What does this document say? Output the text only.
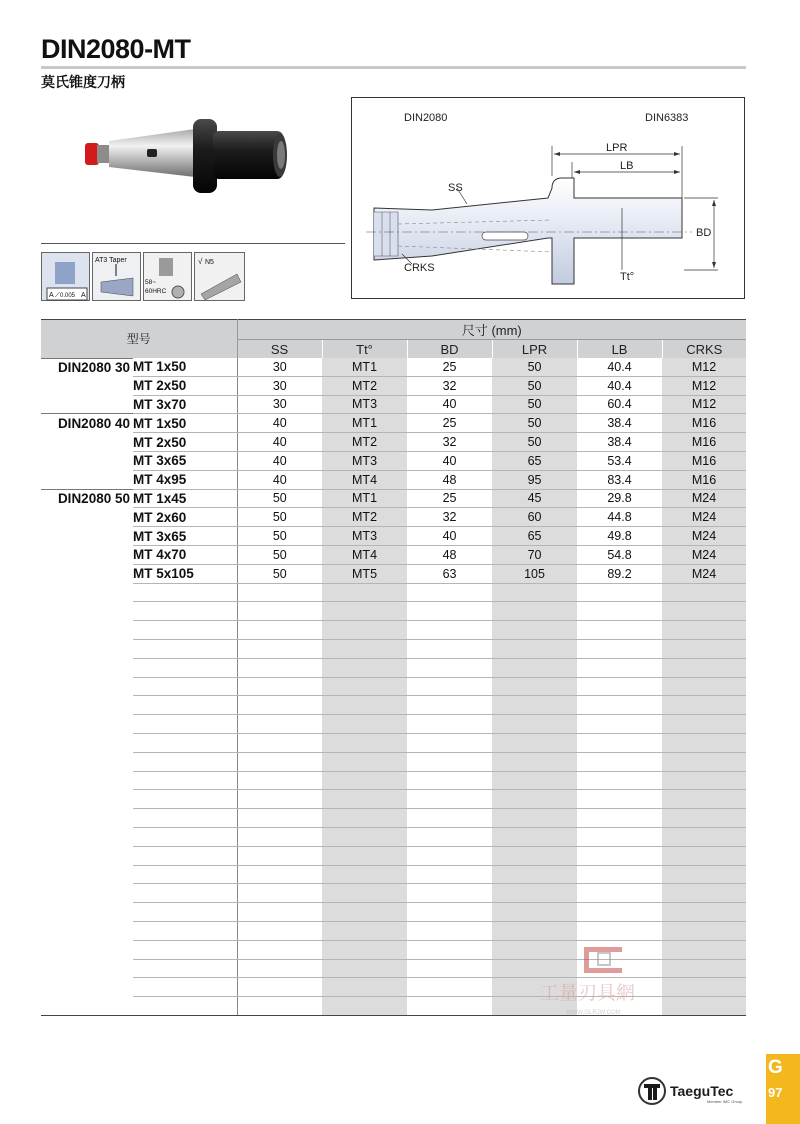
DIN2080-MT
莫氏锥度刀柄
A ⟋ 0.005 A
AT3 Taper
58~
60HRC
√ N5
DIN2080	DIN6383
LPR
LB
SS
BD
CRKS
Tt°
型号		尺寸 (mm)					
		SS	Tt°	BD	LPR	LB	CRKS
DIN2080 30	MT 1x50	30	MT1	25	50	40.4	M12
	MT 2x50	30	MT2	32	50	40.4	M12
	MT 3x70	30	MT3	40	50	60.4	M12
DIN2080 40	MT 1x50	40	MT1	25	50	38.4	M16
	MT 2x50	40	MT2	32	50	38.4	M16
	MT 3x65	40	MT3	40	65	53.4	M16
	MT 4x95	40	MT4	48	95	83.4	M16
DIN2080 50	MT 1x45	50	MT1	25	45	29.8	M24
	MT 2x60	50	MT2	32	60	44.8	M24
	MT 3x65	50	MT3	40	65	49.8	M24
	MT 4x70	50	MT4	48	70	54.8	M24
	MT 5x105	50	MT5	63	105	89.2	M24

工量刃具網
WWW.GLRJW.COM
TaeguTec
Member IMC Group
G
97
